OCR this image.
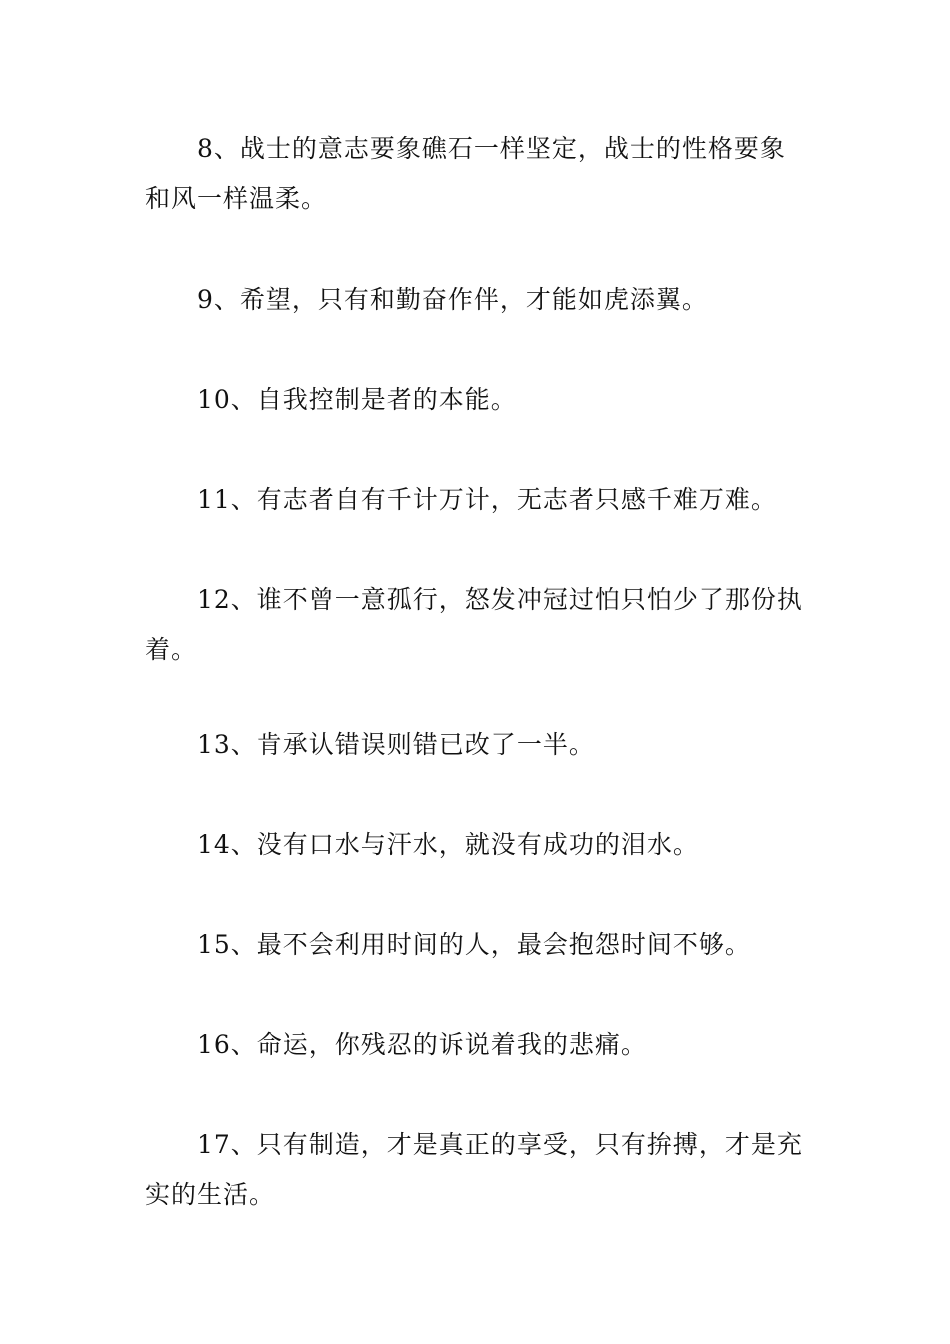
8、战士的意志要象礁石一样坚定，战士的性格要象和风一样温柔。

9、希望，只有和勤奋作伴，才能如虎添翼。

10、自我控制是者的本能。

11、有志者自有千计万计，无志者只感千难万难。

12、谁不曾一意孤行，怒发冲冠过怕只怕少了那份执着。

13、肯承认错误则错已改了一半。

14、没有口水与汗水，就没有成功的泪水。

15、最不会利用时间的人，最会抱怨时间不够。

16、命运，你残忍的诉说着我的悲痛。

17、只有制造，才是真正的享受，只有拚搏，才是充实的生活。
